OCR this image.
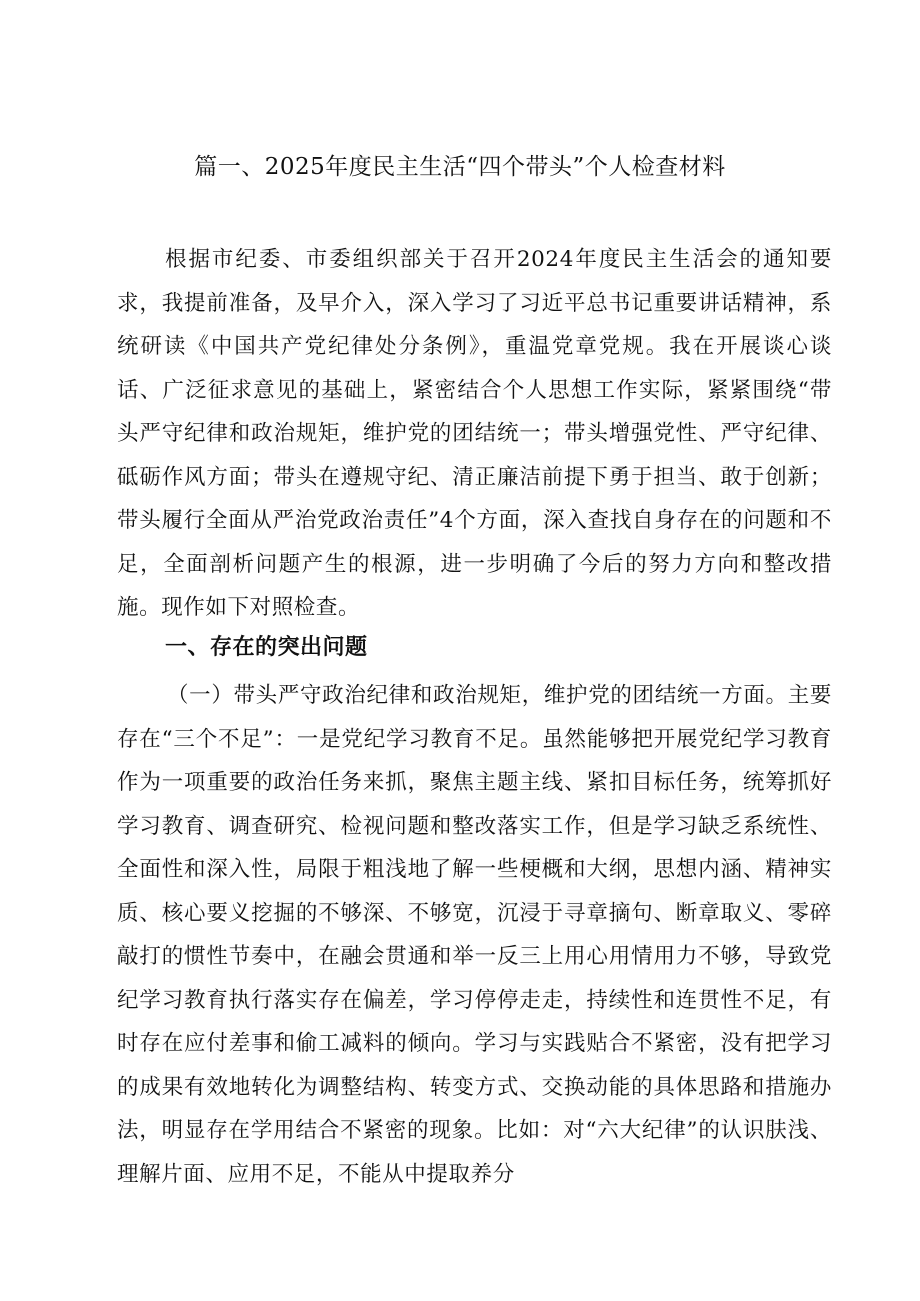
篇一、2025年度民主生活“四个带头”个人检查材料

根据市纪委、市委组织部关于召开2024年度民主生活会的通知要求，我提前准备，及早介入，深入学习了习近平总书记重要讲话精神，系统研读《中国共产党纪律处分条例》，重温党章党规。我在开展谈心谈话、广泛征求意见的基础上，紧密结合个人思想工作实际，紧紧围绕“带头严守纪律和政治规矩，维护党的团结统一；带头增强党性、严守纪律、砥砺作风方面；带头在遵规守纪、清正廉洁前提下勇于担当、敢于创新；带头履行全面从严治党政治责任”4个方面，深入查找自身存在的问题和不足，全面剖析问题产生的根源，进一步明确了今后的努力方向和整改措施。现作如下对照检查。

一、存在的突出问题

（一）带头严守政治纪律和政治规矩，维护党的团结统一方面。主要存在“三个不足”：一是党纪学习教育不足。虽然能够把开展党纪学习教育作为一项重要的政治任务来抓，聚焦主题主线、紧扣目标任务，统筹抓好学习教育、调查研究、检视问题和整改落实工作，但是学习缺乏系统性、全面性和深入性，局限于粗浅地了解一些梗概和大纲，思想内涵、精神实质、核心要义挖掘的不够深、不够宽，沉浸于寻章摘句、断章取义、零碎敲打的惯性节奏中，在融会贯通和举一反三上用心用情用力不够，导致党纪学习教育执行落实存在偏差，学习停停走走，持续性和连贯性不足，有时存在应付差事和偷工减料的倾向。学习与实践贴合不紧密，没有把学习的成果有效地转化为调整结构、转变方式、交换动能的具体思路和措施办法，明显存在学用结合不紧密的现象。比如：对“六大纪律”的认识肤浅、理解片面、应用不足，不能从中提取养分
